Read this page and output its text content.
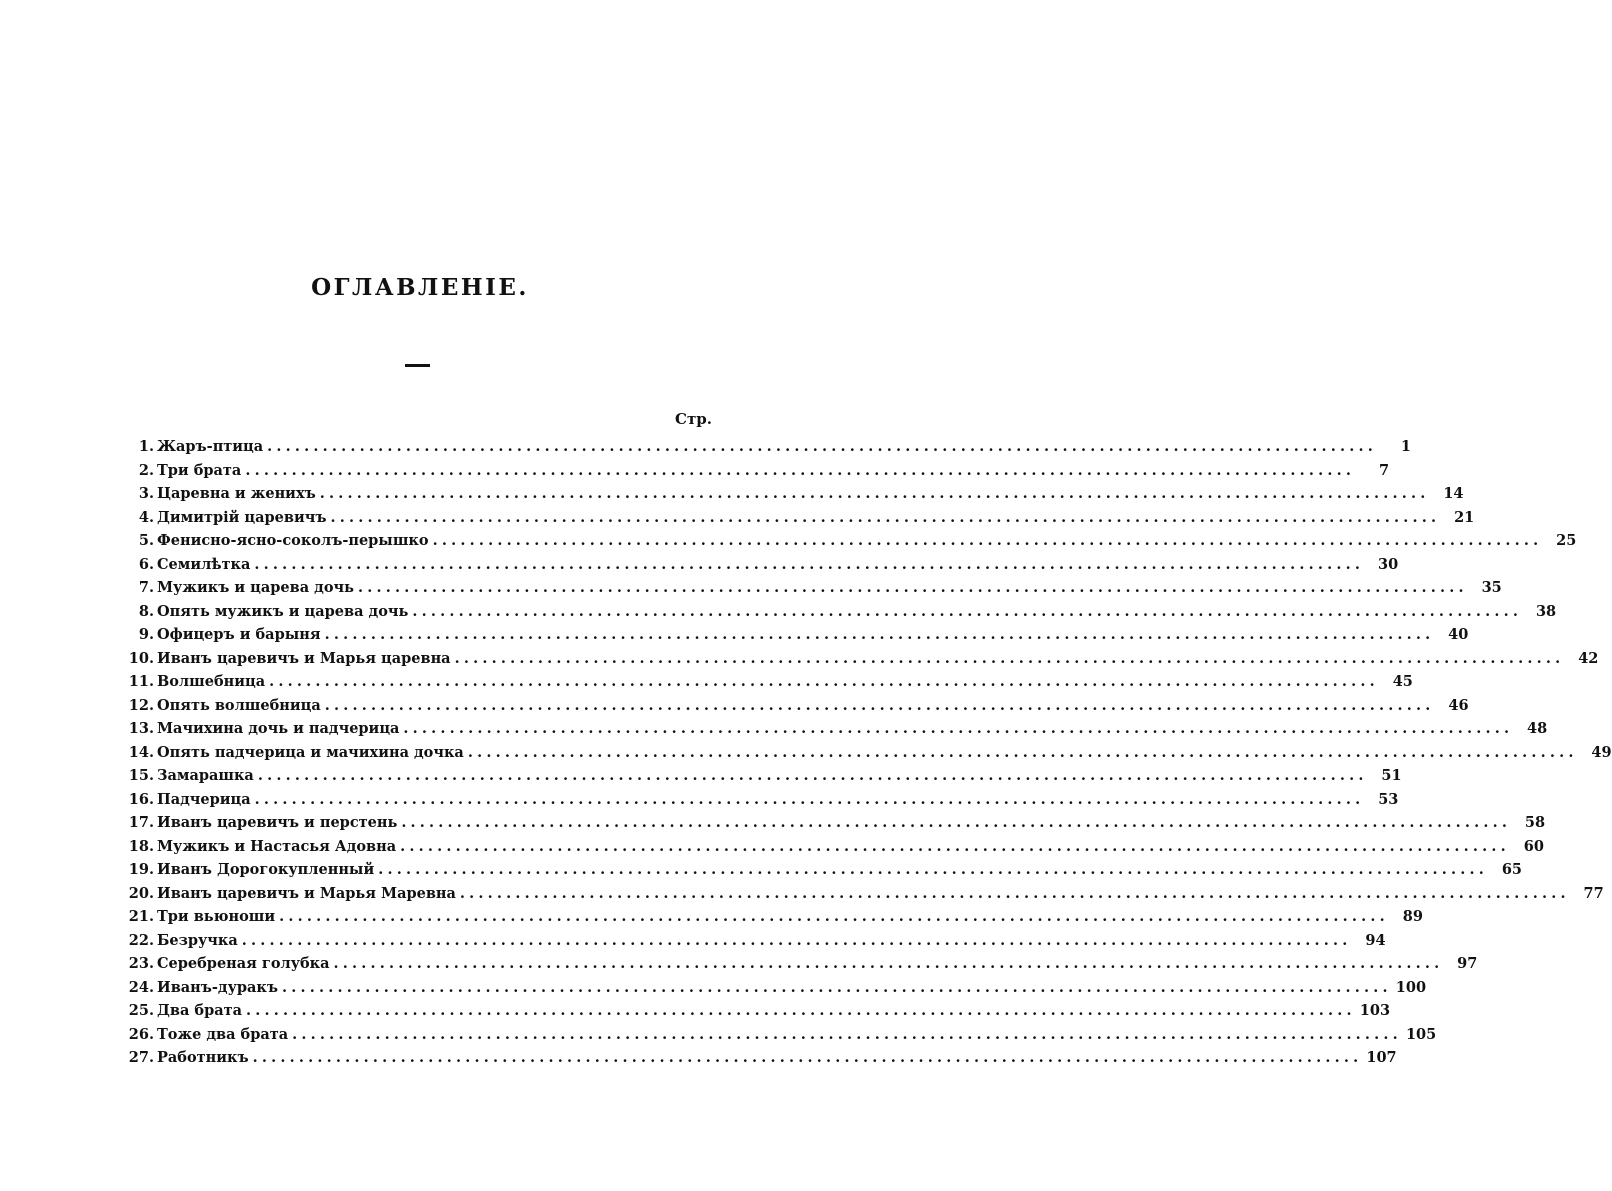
ОГЛАВЛЕНІЕ.
Стр.
1. Жаръ-птица ........................................................................................................................	1
2. Три брата ........................................................................................................................	7
3. Царевна и женихъ ........................................................................................................................ 14
4. Димитрій царевичъ ........................................................................................................................ 21
5. Фенисно-ясно-соколъ-перышко ........................................................................................................................ 25
6. Семилѣтка ........................................................................................................................ 30
7. Мужикъ и царева дочь ........................................................................................................................ 35
8. Опять мужикъ и царева дочь ........................................................................................................................ 38
9. Офицеръ и барыня ........................................................................................................................ 40
10. Иванъ царевичъ и Марья царевна ........................................................................................................................ 42
11. Волшебница ........................................................................................................................ 45
12. Опять волшебница ........................................................................................................................ 46
13. Мачихина дочь и падчерица ........................................................................................................................ 48
14. Опять падчерица и мачихина дочка ........................................................................................................................ 49
15. Замарашка ........................................................................................................................ 51
16. Падчерица ........................................................................................................................ 53
17. Иванъ царевичъ и перстень ........................................................................................................................ 58
18. Мужикъ и Настасья Адовна ........................................................................................................................ 60
19. Иванъ Дорогокупленный ........................................................................................................................ 65
20. Иванъ царевичъ и Марья Маревна ........................................................................................................................ 77
21. Три вьюноши ........................................................................................................................ 89
22. Безручка ........................................................................................................................ 94
23. Серебреная голубка ........................................................................................................................ 97
24. Иванъ-дуракъ ........................................................................................................................ 100
25. Два брата ........................................................................................................................ 103
26. Тоже два брата ........................................................................................................................ 105
27. Работникъ ........................................................................................................................ 107
